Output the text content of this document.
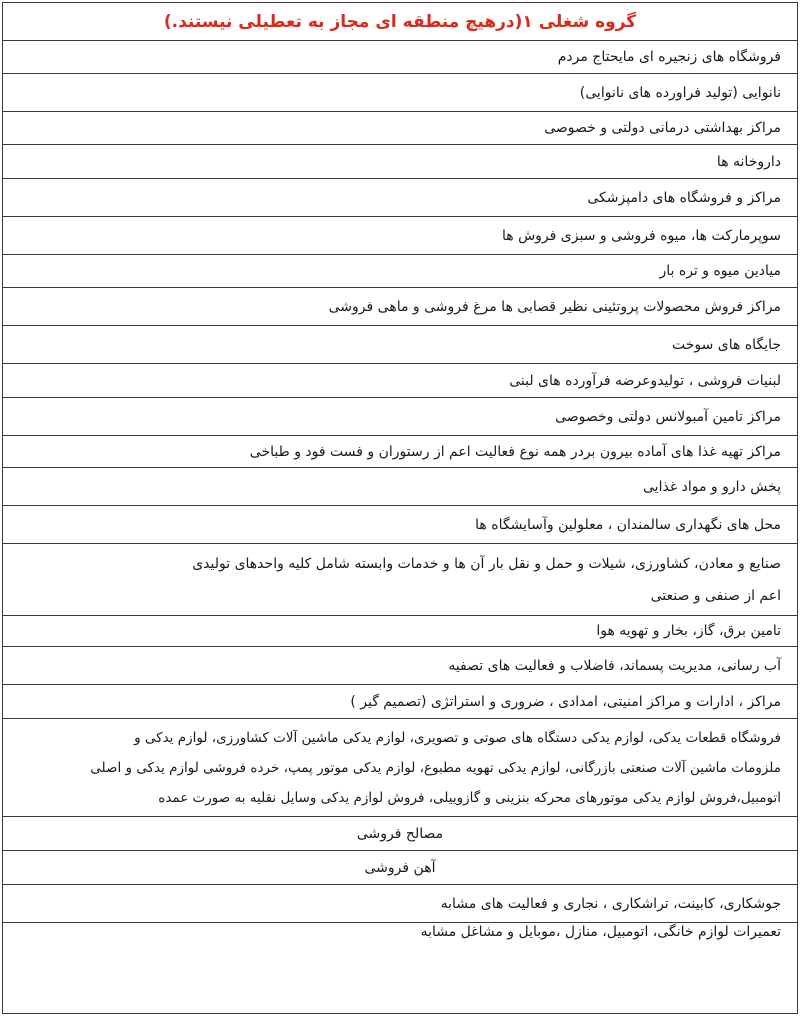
گروه شغلی ۱(درهیچ منطقه ای مجاز به تعطیلی نیستند.)
فروشگاه های زنجیره ای مایحتاج مردم
نانوایی (تولید فراورده های نانوایی)
مراکز بهداشتی درمانی دولتی و خصوصی
داروخانه ها
مراکز و فروشگاه های دامپزشکی
سوپرمارکت ها، میوه فروشی و سبزی فروش ها
میادین میوه و تره بار
مراکز فروش محصولات پروتئینی نظیر قصابی ها مرغ فروشی و ماهی فروشی
جایگاه های سوخت
لبنیات فروشی ، تولیدوعرضه فرآورده های لبنی
مراکز تامین آمبولانس دولتی وخصوصی
مراکز تهیه غذا های آماده بیرون بردر همه نوع فعالیت اعم از رستوران و فست فود و طباخی
پخش دارو و مواد غذایی
محل های نگهداری سالمندان ، معلولین وآسایشگاه ها
صنایع و معادن، کشاورزی، شیلات و حمل و نقل بار آن ها و خدمات وابسته شامل کلیه واحدهای تولیدی
اعم از صنفی و صنعتی
تامین برق، گاز، بخار و تهویه هوا
آب رسانی، مدیریت پسماند، فاضلاب و فعالیت های تصفیه
مراکز ، ادارات و مراکز امنیتی، امدادی ، ضروری و استراتژی (تصمیم گیر )
فروشگاه قطعات یدکی، لوازم یدکی دستگاه های صوتی و تصویری، لوازم یدکی ماشین آلات کشاورزی، لوازم یدکی و
ملزومات ماشین آلات صنعتی بازرگانی، لوازم یدکی تهویه مطبوع، لوازم یدکی موتور پمپ، خرده فروشی لوازم یدکی و اصلی
اتومبیل،فروش لوازم یدکی موتورهای محرکه بنزینی و گازوییلی، فروش لوازم یدکی وسایل نقلیه به صورت عمده
مصالح فروشی
آهن فروشی
جوشکاری، کابینت، تراشکاری ، نجاری و فعالیت های مشابه
تعمیرات لوازم خانگی، اتومبیل، منازل ،موبایل و مشاغل مشابه
